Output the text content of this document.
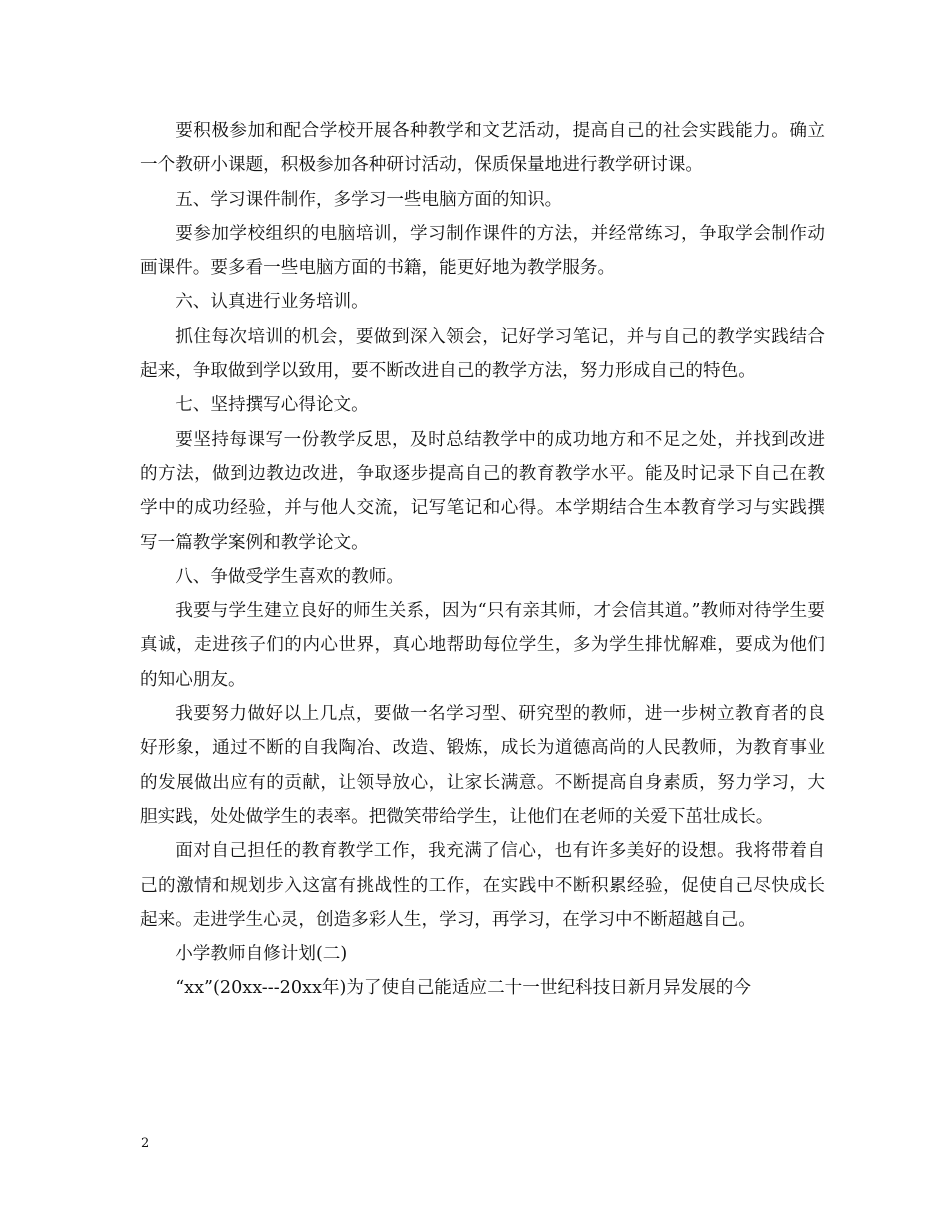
要积极参加和配合学校开展各种教学和文艺活动，提高自己的社会实践能力。确立一个教研小课题，积极参加各种研讨活动，保质保量地进行教学研讨课。

五、学习课件制作，多学习一些电脑方面的知识。

要参加学校组织的电脑培训，学习制作课件的方法，并经常练习，争取学会制作动画课件。要多看一些电脑方面的书籍，能更好地为教学服务。

六、认真进行业务培训。

抓住每次培训的机会，要做到深入领会，记好学习笔记，并与自己的教学实践结合起来，争取做到学以致用，要不断改进自己的教学方法，努力形成自己的特色。

七、坚持撰写心得论文。

要坚持每课写一份教学反思，及时总结教学中的成功地方和不足之处，并找到改进的方法，做到边教边改进，争取逐步提高自己的教育教学水平。能及时记录下自己在教学中的成功经验，并与他人交流，记写笔记和心得。本学期结合生本教育学习与实践撰写一篇教学案例和教学论文。

八、争做受学生喜欢的教师。

我要与学生建立良好的师生关系，因为“只有亲其师，才会信其道。”教师对待学生要真诚，走进孩子们的内心世界，真心地帮助每位学生，多为学生排忧解难，要成为他们的知心朋友。

我要努力做好以上几点，要做一名学习型、研究型的教师，进一步树立教育者的良好形象，通过不断的自我陶冶、改造、锻炼，成长为道德高尚的人民教师，为教育事业的发展做出应有的贡献，让领导放心，让家长满意。不断提高自身素质，努力学习，大胆实践，处处做学生的表率。把微笑带给学生，让他们在老师的关爱下茁壮成长。

面对自己担任的教育教学工作，我充满了信心，也有许多美好的设想。我将带着自己的激情和规划步入这富有挑战性的工作，在实践中不断积累经验，促使自己尽快成长起来。走进学生心灵，创造多彩人生，学习，再学习，在学习中不断超越自己。

小学教师自修计划(二)

“xx”(20xx---20xx年)为了使自己能适应二十一世纪科技日新月异发展的今

2
